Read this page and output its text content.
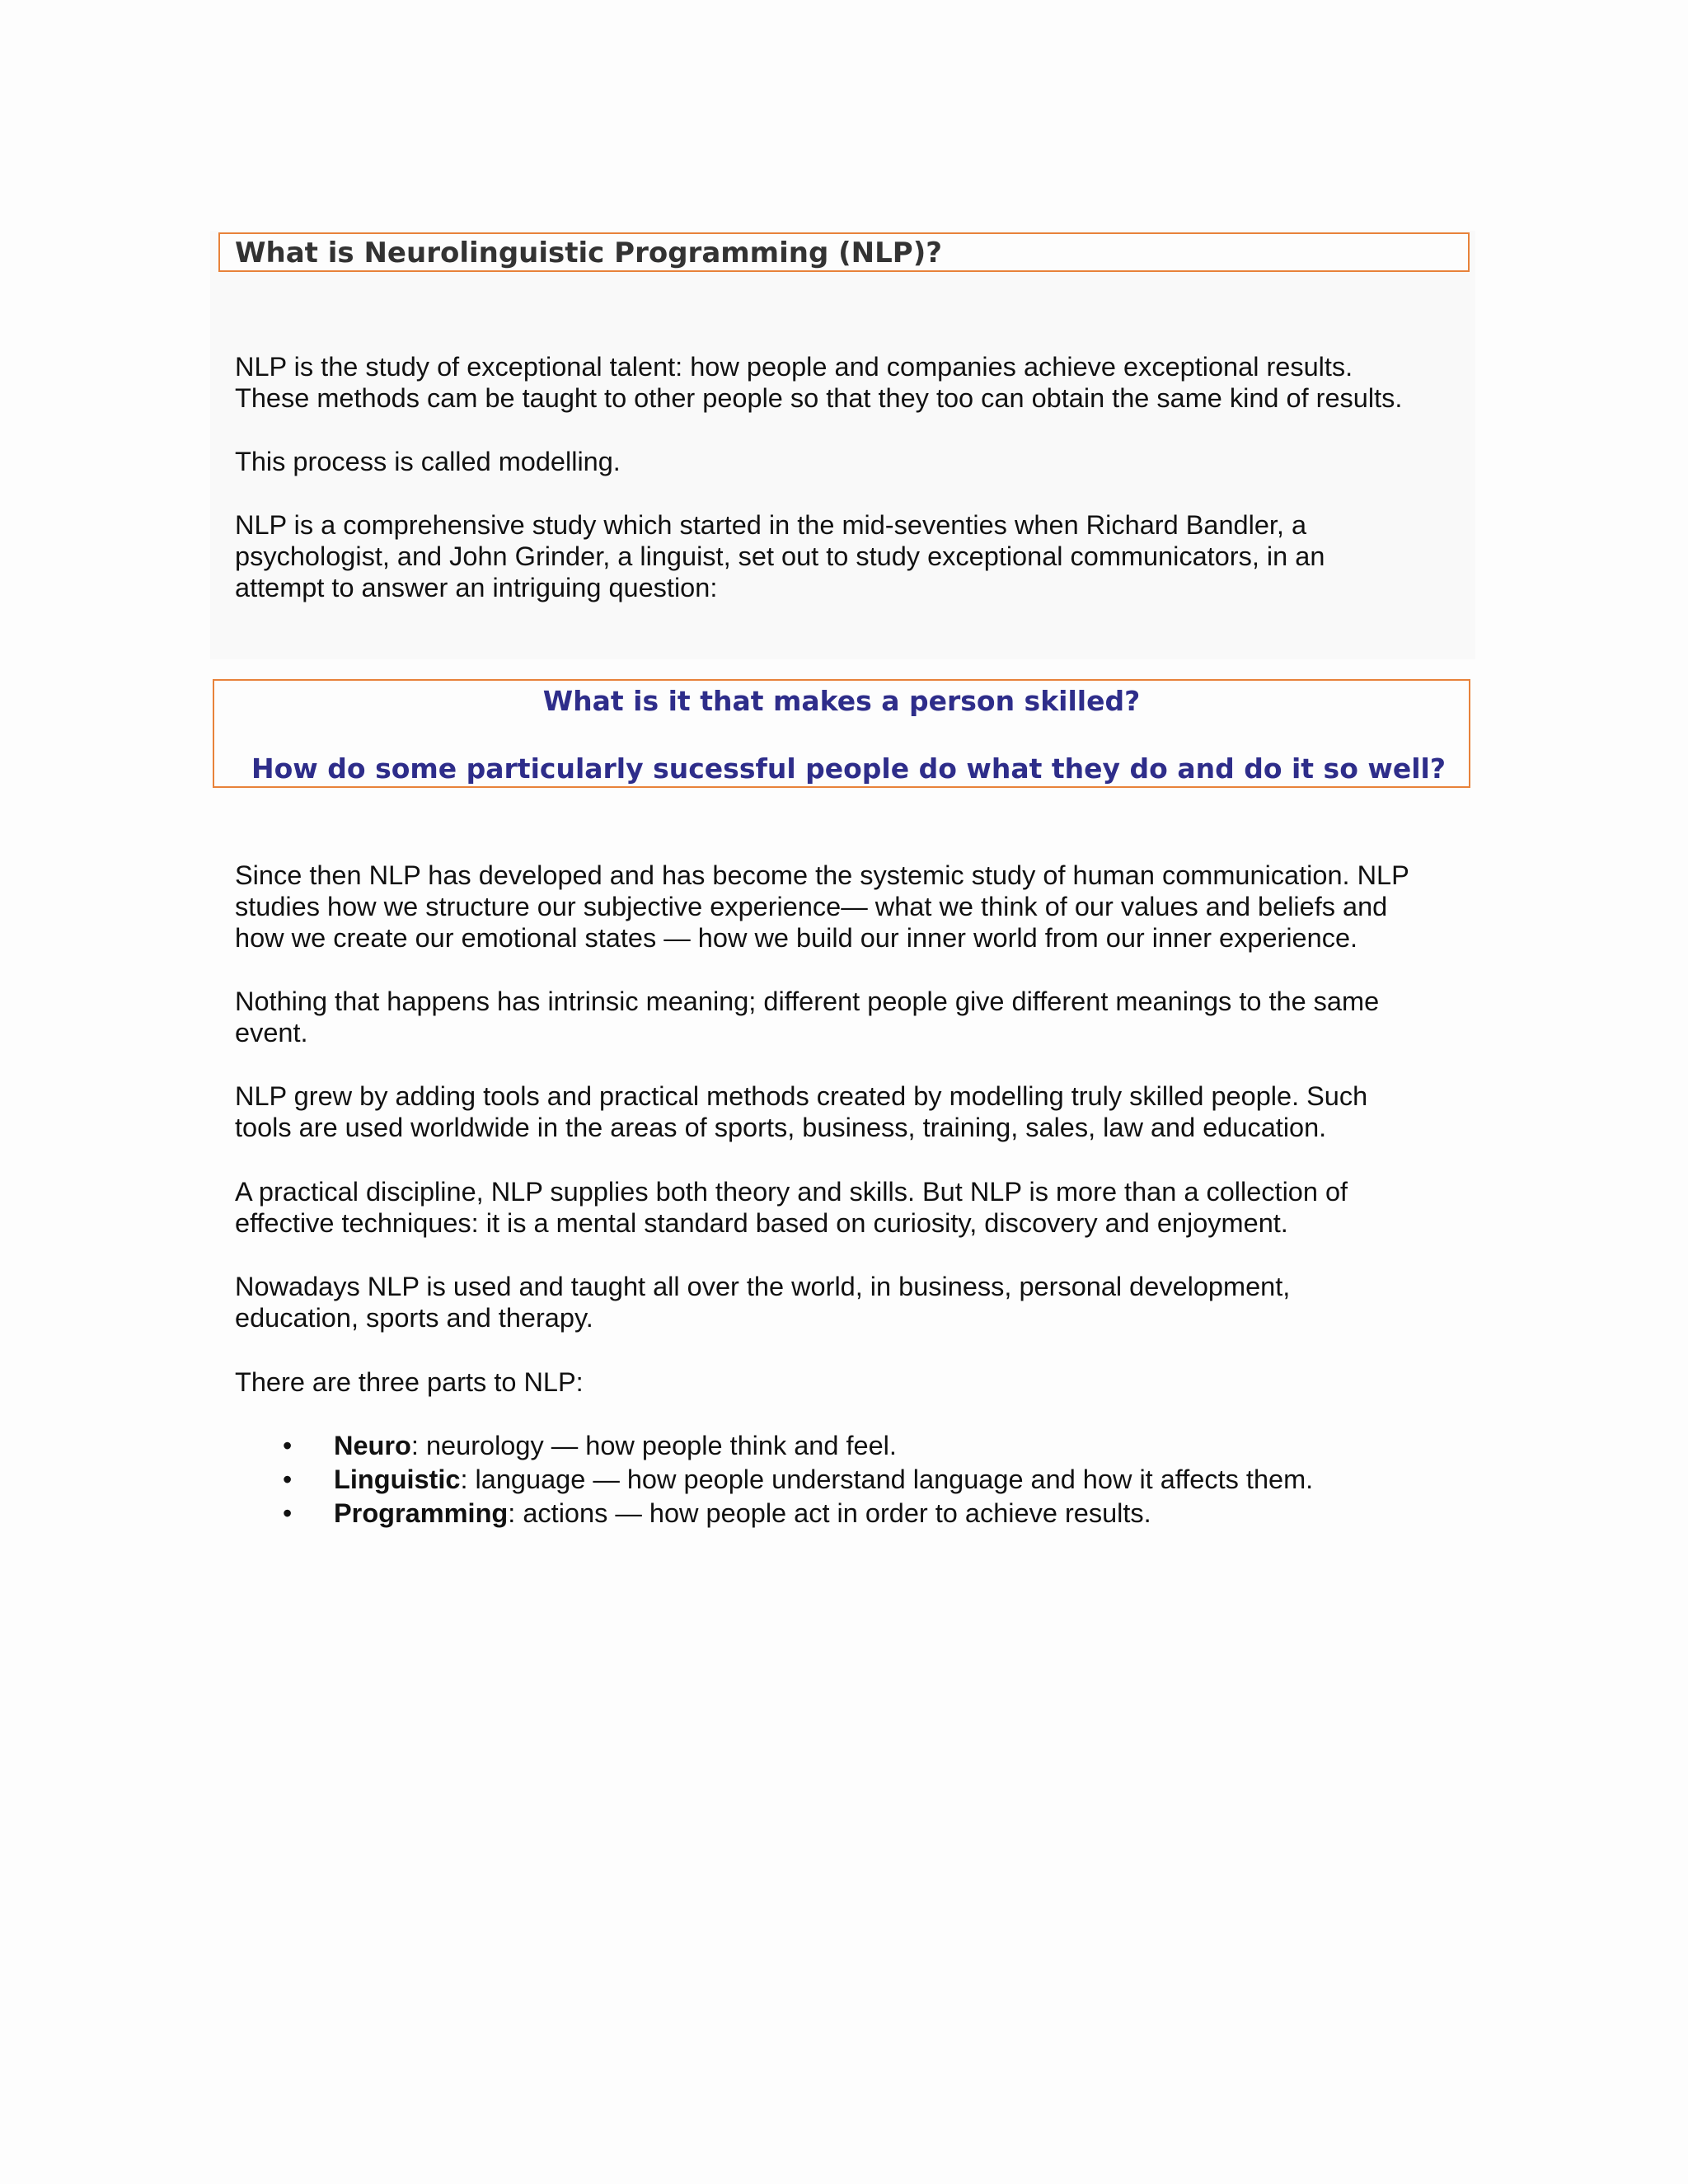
What is Neurolinguistic Programming (NLP)?

NLP is the study of exceptional talent: how people and companies achieve exceptional results.

These methods cam be taught to other people so that they too can obtain the same kind of results.

This process is called modelling.

NLP is a comprehensive study which started in the mid-seventies when Richard Bandler, a

psychologist, and John Grinder, a linguist, set out to study exceptional communicators, in an

attempt to answer an intriguing question:

What is it that makes a person skilled?

How do some particularly sucessful people do what they do and do it so well?

Since then NLP has developed and has become the systemic study of human communication. NLP

studies how we structure our subjective experience— what we think of our values and beliefs and

how we create our emotional states — how we build our inner world from our inner experience.

Nothing that happens has intrinsic meaning; different people give different meanings to the same

event.

NLP grew by adding tools and practical methods created by modelling truly skilled people. Such

tools are used worldwide in the areas of sports, business, training, sales, law and education.

A practical discipline, NLP supplies both theory and skills. But NLP is more than a collection of

effective techniques: it is a mental standard based on curiosity, discovery and enjoyment.

Nowadays NLP is used and taught all over the world, in business, personal development,

education, sports and therapy.

There are three parts to NLP:

• Neuro: neurology — how people think and feel.
• Linguistic: language — how people understand language and how it affects them.
• Programming: actions — how people act in order to achieve results.
